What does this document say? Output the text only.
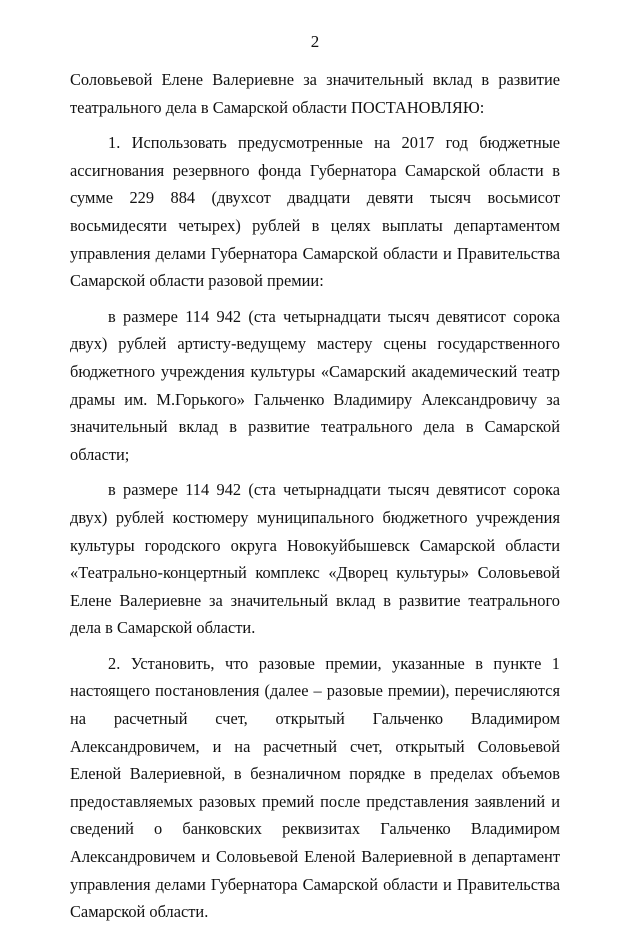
2

Соловьевой Елене Валериевне за значительный вклад в развитие театрального дела в Самарской области ПОСТАНОВЛЯЮ:

1. Использовать предусмотренные на 2017 год бюджетные ассигнования резервного фонда Губернатора Самарской области в сумме 229 884 (двухсот двадцати девяти тысяч восьмисот восьмидесяти четырех) рублей в целях выплаты департаментом управления делами Губернатора Самарской области и Правительства Самарской области разовой премии:

в размере 114 942 (ста четырнадцати тысяч девятисот сорока двух) рублей артисту-ведущему мастеру сцены государственного бюджетного учреждения культуры «Самарский академический театр драмы им. М.Горького» Гальченко Владимиру Александровичу за значительный вклад в развитие театрального дела в Самарской области;

в размере 114 942 (ста четырнадцати тысяч девятисот сорока двух) рублей костюмеру муниципального бюджетного учреждения культуры городского округа Новокуйбышевск Самарской области «Театрально-концертный комплекс «Дворец культуры» Соловьевой Елене Валериевне за значительный вклад в развитие театрального дела в Самарской области.

2. Установить, что разовые премии, указанные в пункте 1 настоящего постановления (далее – разовые премии), перечисляются на расчетный счет, открытый Гальченко Владимиром Александровичем, и на расчетный счет, открытый Соловьевой Еленой Валериевной, в безналичном порядке в пределах объемов предоставляемых разовых премий после представления заявлений и сведений о банковских реквизитах Гальченко Владимиром Александровичем и Соловьевой Еленой Валериевной в департамент управления делами Губернатора Самарской области и Правительства Самарской области.
